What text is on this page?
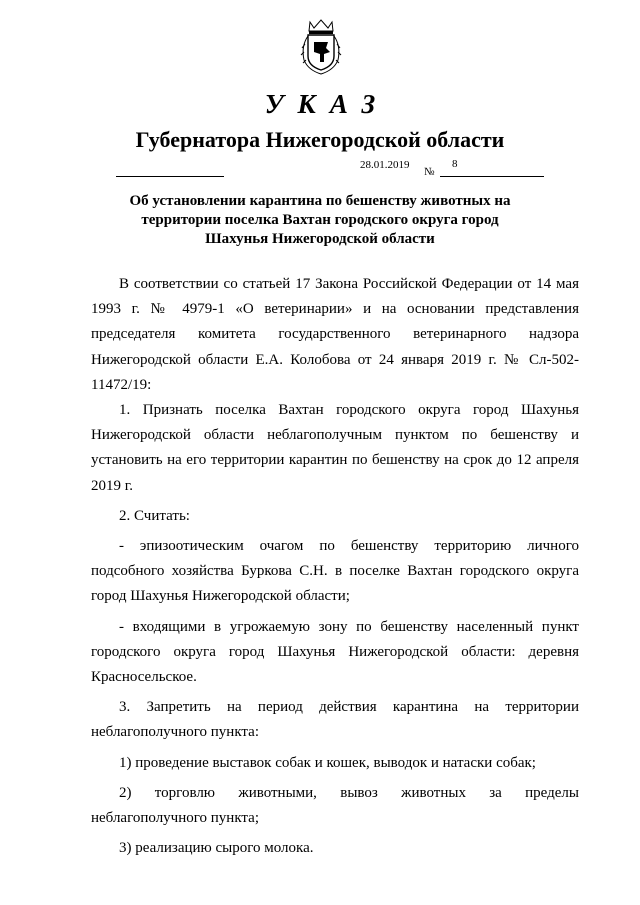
УКАЗ
Губернатора Нижегородской области
28.01.2019
№
8
Об установлении карантина по бешенству животных на
территории поселка Вахтан городского округа город
Шахунья Нижегородской области

В соответствии со статьей 17 Закона Российской Федерации от 14 мая 1993 г. № 4979-1 «О ветеринарии» и на основании представления председателя комитета государственного ветеринарного надзора Нижегородской области Е.А. Колобова от 24 января 2019 г. № Сл-502-11472/19:

1. Признать поселка Вахтан городского округа город Шахунья Нижегородской области неблагополучным пунктом по бешенству и установить на его территории карантин по бешенству на срок до 12 апреля 2019 г.

2. Считать:

- эпизоотическим очагом по бешенству территорию личного подсобного хозяйства Буркова С.Н. в поселке Вахтан городского округа город Шахунья Нижегородской области;

- входящими в угрожаемую зону по бешенству населенный пункт городского округа город Шахунья Нижегородской области: деревня Красносельское.

3. Запретить на период действия карантина на территории неблагополучного пункта:

1) проведение выставок собак и кошек, выводок и натаски собак;

2) торговлю животными, вывоз животных за пределы неблагополучного пункта;

3) реализацию сырого молока.
